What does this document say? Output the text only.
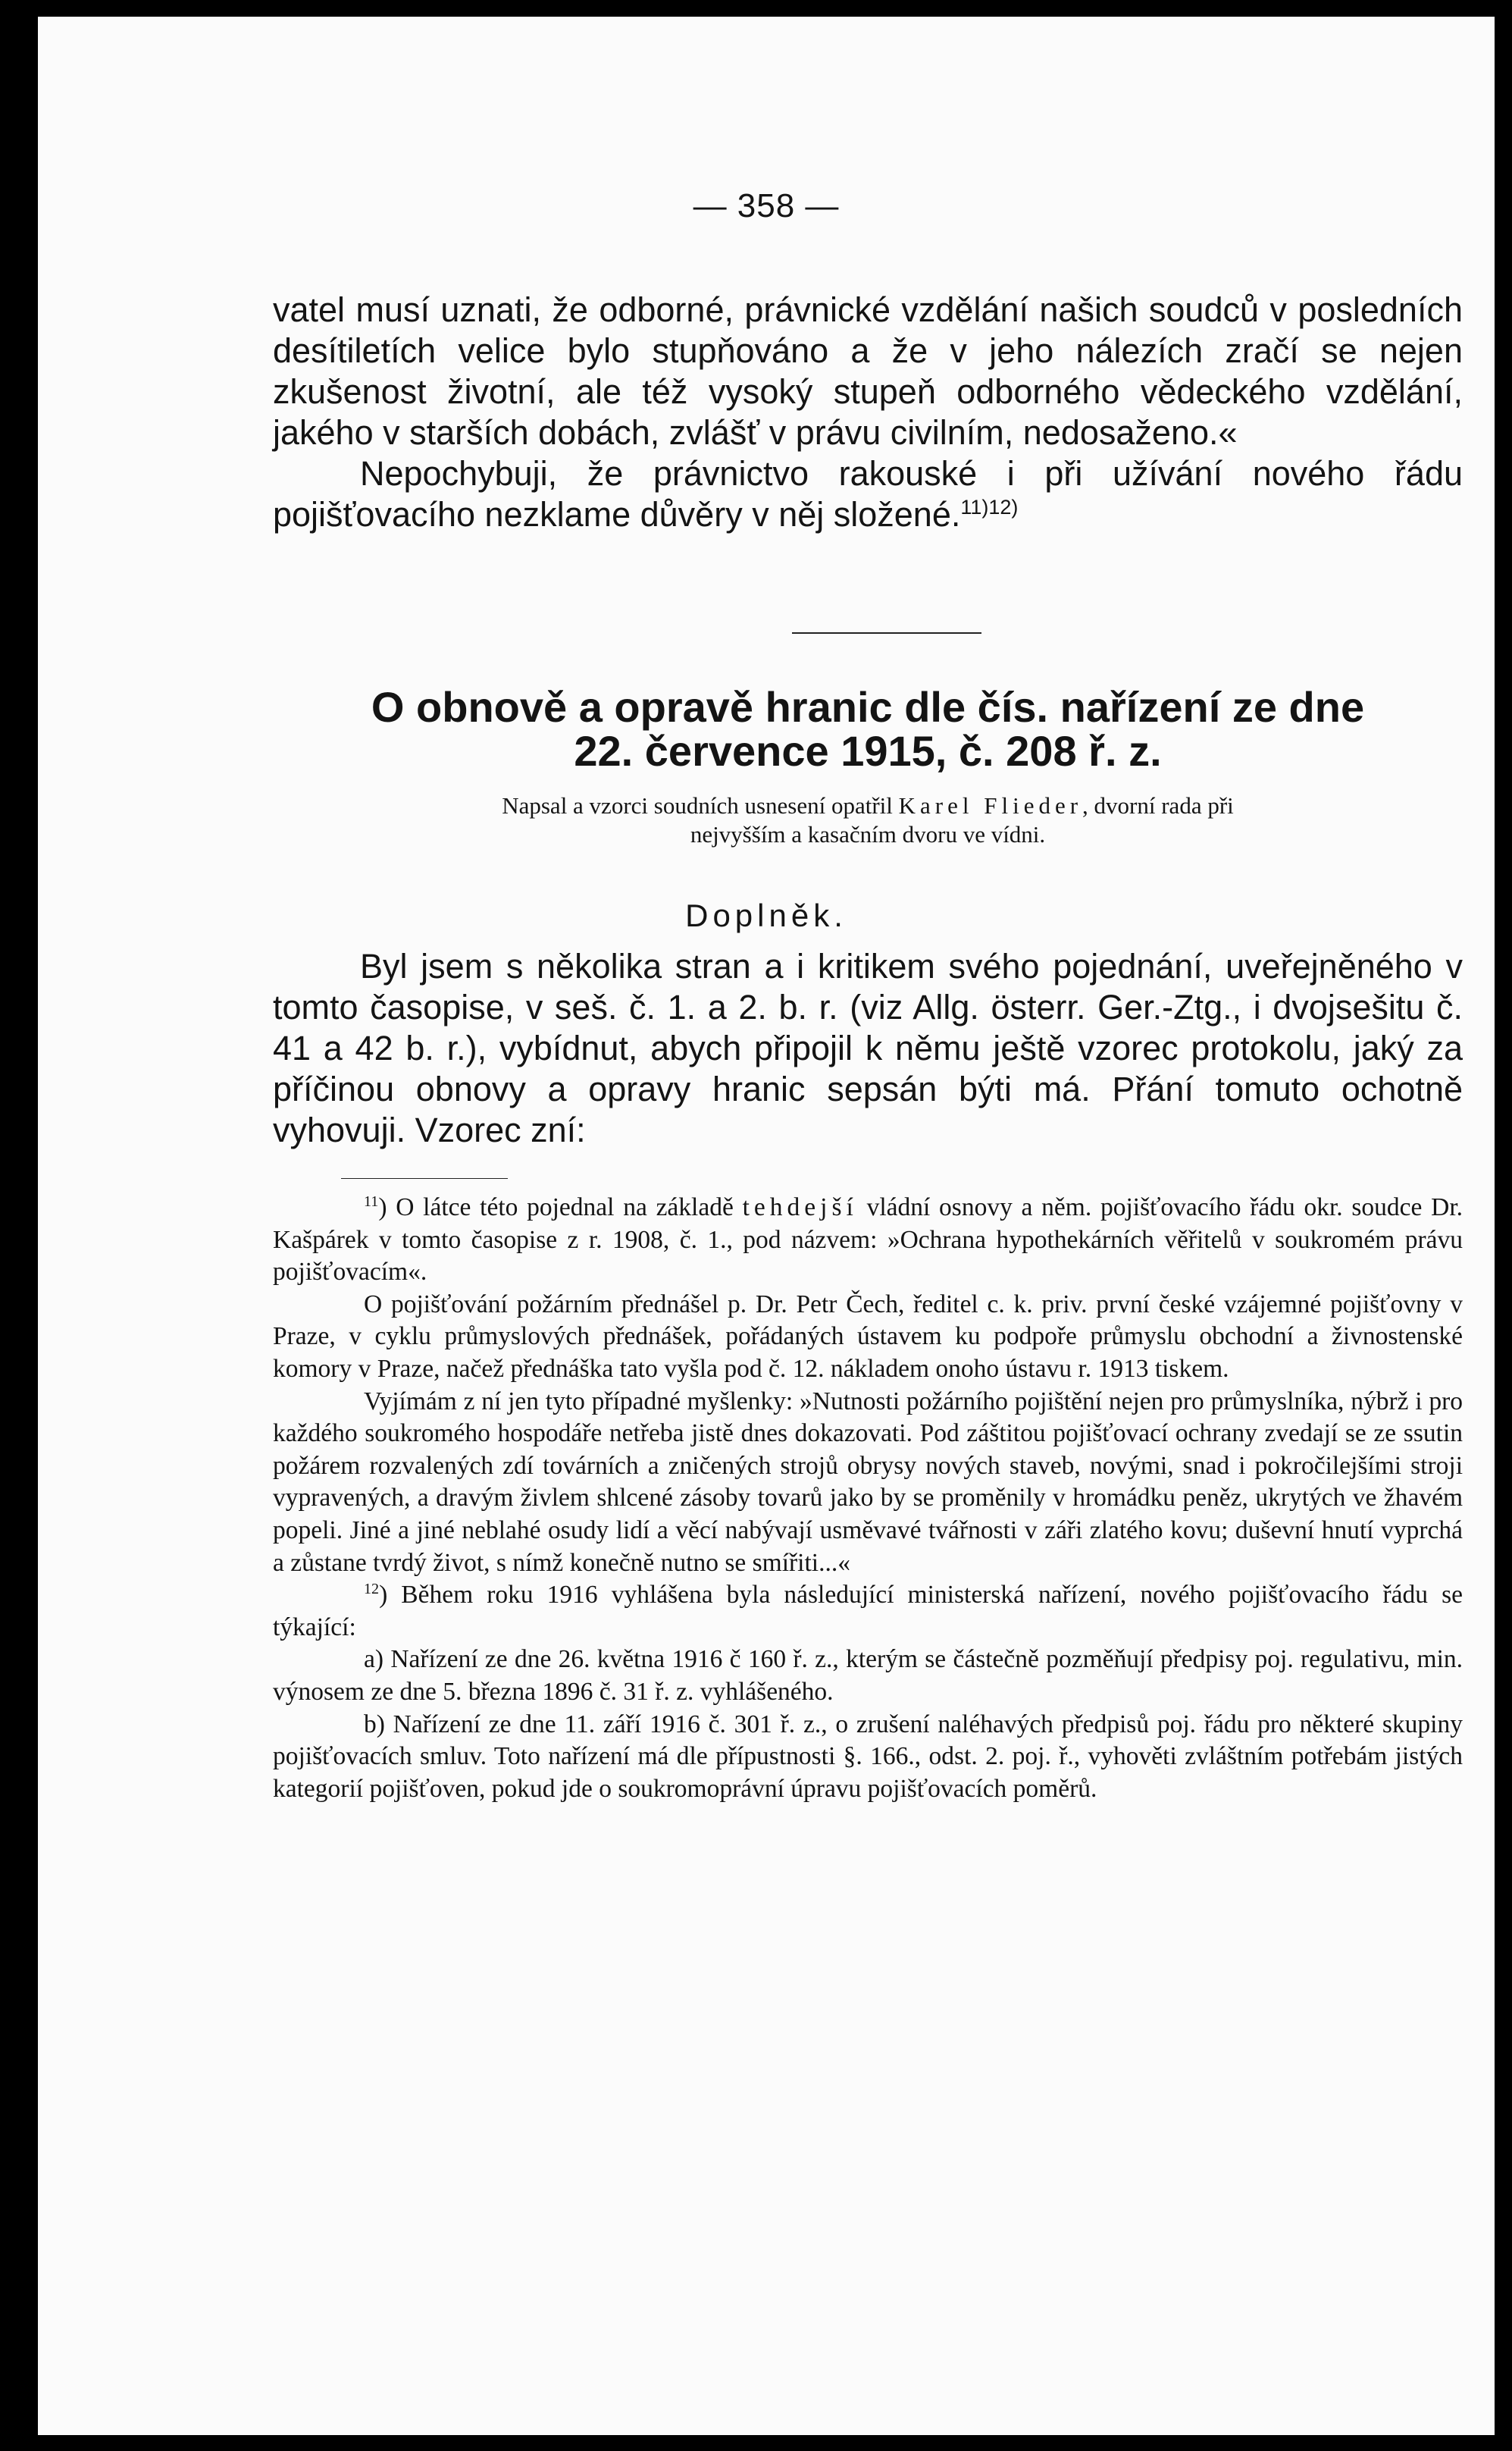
— 358 —

vatel musí uznati, že odborné, právnické vzdělání našich soudců v posledních desítiletích velice bylo stupňováno a že v jeho nálezích zračí se nejen zkušenost životní, ale též vysoký stupeň odborného vědeckého vzdělání, jakého v starších dobách, zvlášť v právu civilním, nedosaženo.«

Nepochybuji, že právnictvo rakouské i při užívání nového řádu pojišťovacího nezklame důvěry v něj složené.$^{11)12)}$

O obnově a opravě hranic dle čís. nařízení ze dne
22. července 1915, č. 208 ř. z.
Napsal a vzorci soudních usnesení opatřil Karel Flieder, dvorní rada při
nejvyšším a kasačním dvoru ve vídni.
Doplněk.

Byl jsem s několika stran a i kritikem svého pojednání, uveřejněného v tomto časopise, v seš. č. 1. a 2. b. r. (viz Allg. österr. Ger.-Ztg., i dvojsešitu č. 41 a 42 b. r.), vybídnut, abych připojil k němu ještě vzorec protokolu, jaký za příčinou obnovy a opravy hranic sepsán býti má. Přání tomuto ochotně vyhovuji. Vzorec zní:

$^{11}$) O látce této pojednal na základě tehdejší vládní osnovy a něm. pojišťovacího řádu okr. soudce Dr. Kašpárek v tomto časopise z r. 1908, č. 1., pod názvem: »Ochrana hypothekárních věřitelů v soukromém právu pojišťovacím«.

O pojišťování požárním přednášel p. Dr. Petr Čech, ředitel c. k. priv. první české vzájemné pojišťovny v Praze, v cyklu průmyslových přednášek, pořádaných ústavem ku podpoře průmyslu obchodní a živnostenské komory v Praze, načež přednáška tato vyšla pod č. 12. nákladem onoho ústavu r. 1913 tiskem.

Vyjímám z ní jen tyto případné myšlenky: »Nutnosti požárního pojištění nejen pro průmyslníka, nýbrž i pro každého soukromého hospodáře netřeba jistě dnes dokazovati. Pod záštitou pojišťovací ochrany zvedají se ze ssutin požárem rozvalených zdí továrních a zničených strojů obrysy nových staveb, novými, snad i pokročilejšími stroji vypravených, a dravým živlem shlcené zásoby tovarů jako by se proměnily v hromádku peněz, ukrytých ve žhavém popeli. Jiné a jiné neblahé osudy lidí a věcí nabývají usměvavé tvářnosti v záři zlatého kovu; duševní hnutí vyprchá a zůstane tvrdý život, s nímž konečně nutno se smířiti...«

$^{12}$) Během roku 1916 vyhlášena byla následující ministerská nařízení, nového pojišťovacího řádu se týkající:

a) Nařízení ze dne 26. května 1916 č 160 ř. z., kterým se částečně pozměňují předpisy poj. regulativu, min. výnosem ze dne 5. března 1896 č. 31 ř. z. vyhlášeného.

b) Nařízení ze dne 11. září 1916 č. 301 ř. z., o zrušení naléhavých předpisů poj. řádu pro některé skupiny pojišťovacích smluv. Toto nařízení má dle přípustnosti §. 166., odst. 2. poj. ř., vyhověti zvláštním potřebám jistých kategorií pojišťoven, pokud jde o soukromoprávní úpravu pojišťovacích poměrů.
